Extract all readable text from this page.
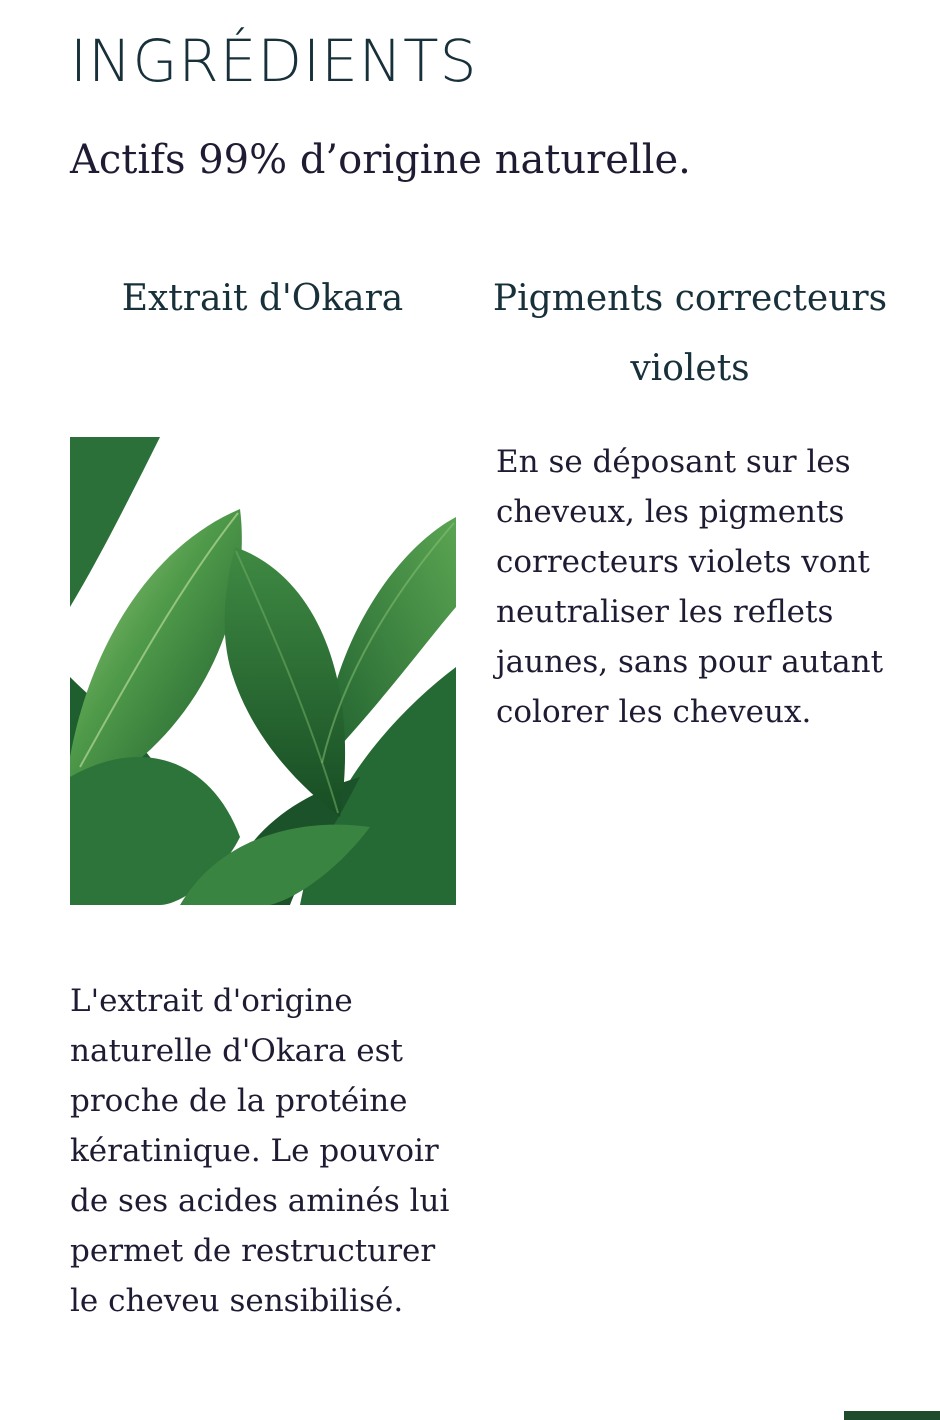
INGRÉDIENTS

Actifs 99% d’origine naturelle.

Extrait d'Okara	Pigments correcteurs violets

En se déposant sur les cheveux, les pigments correcteurs violets vont neutraliser les reflets jaunes, sans pour autant colorer les cheveux.

L'extrait d'origine naturelle d'Okara est proche de la protéine kératinique. Le pouvoir de ses acides aminés lui permet de restructurer le cheveu sensibilisé.
